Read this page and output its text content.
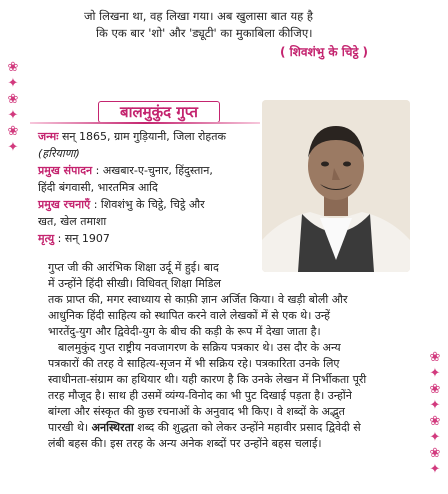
❀
✦
❀
✦
❀
✦
❀
✦
❀
✦
❀
✦
❀
✦
जो लिखना था, वह लिखा गया। अब खुलासा बात यह है
कि एक बार 'शो' और 'ड्यूटी' का मुकाबिला कीजिए।
( शिवशंभु के चिट्ठे )
बालमुकुंद गुप्त
जन्मः सन् 1865, ग्राम गुड़ियानी, जिला रोहतक
(हरियाणा)
प्रमुख संपादन : अखबार-ए-चुनार, हिंदुस्तान,
हिंदी बंगवासी, भारतमित्र आदि
प्रमुख रचनाएँ : शिवशंभु के चिट्ठे, चिट्ठे और
खत, खेल तमाशा
मृत्यु : सन् 1907
गुप्त जी की आरंभिक शिक्षा उर्दू में हुई। बाद
में उन्होंने हिंदी सीखी। विधिवत् शिक्षा मिडिल
तक प्राप्त की, मगर स्वाध्याय से काफ़ी ज्ञान अर्जित किया। वे खड़ी बोली और
आधुनिक हिंदी साहित्य को स्थापित करने वाले लेखकों में से एक थे। उन्हें
भारतेंदु-युग और द्विवेदी-युग के बीच की कड़ी के रूप में देखा जाता है।
बालमुकुंद गुप्त राष्ट्रीय नवजागरण के सक्रिय पत्रकार थे। उस दौर के अन्य
पत्रकारों की तरह वे साहित्य-सृजन में भी सक्रिय रहे। पत्रकारिता उनके लिए
स्वाधीनता-संग्राम का हथियार थी। यही कारण है कि उनके लेखन में निर्भीकता पूरी
तरह मौजूद है। साथ ही उसमें व्यंग्य-विनोद का भी पुट दिखाई पड़ता है। उन्होंने
बांग्ला और संस्कृत की कुछ रचनाओं के अनुवाद भी किए। वे शब्दों के अद्भुत
पारखी थे। अनस्थिरता शब्द की शुद्धता को लेकर उन्होंने महावीर प्रसाद द्विवेदी से
लंबी बहस की। इस तरह के अन्य अनेक शब्दों पर उन्होंने बहस चलाई।
